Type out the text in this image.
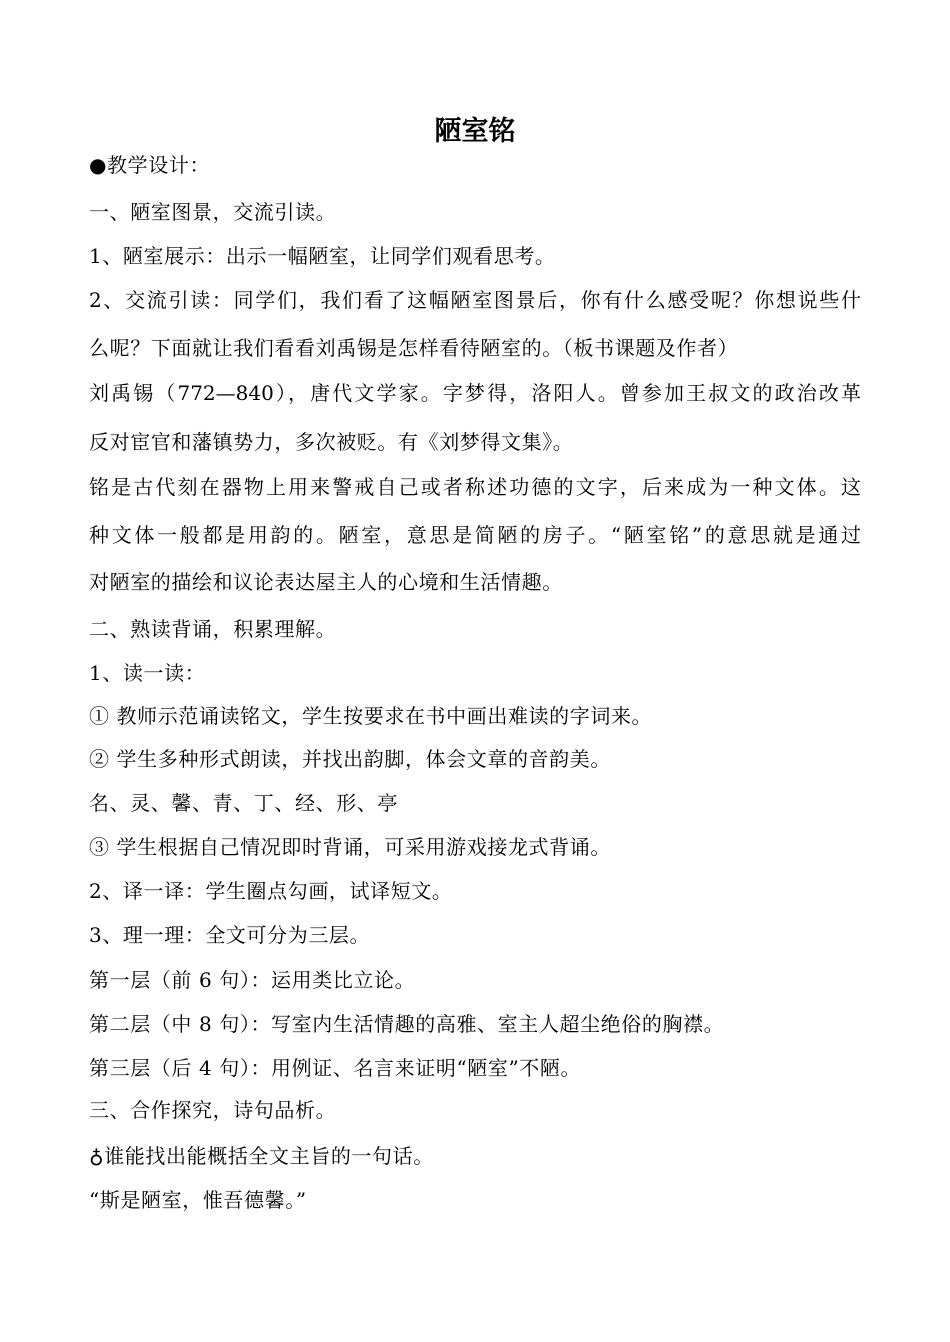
陋室铭
●教学设计：
一、陋室图景，交流引读。
1、陋室展示：出示一幅陋室，让同学们观看思考。
2、交流引读：同学们，我们看了这幅陋室图景后，你有什么感受呢？你想说些什
么呢？下面就让我们看看刘禹锡是怎样看待陋室的。（板书课题及作者）
刘禹锡（772—840），唐代文学家。字梦得，洛阳人。曾参加王叔文的政治改革
反对宦官和藩镇势力，多次被贬。有《刘梦得文集》。
铭是古代刻在器物上用来警戒自己或者称述功德的文字，后来成为一种文体。这
种文体一般都是用韵的。陋室，意思是简陋的房子。“陋室铭”的意思就是通过
对陋室的描绘和议论表达屋主人的心境和生活情趣。
二、熟读背诵，积累理解。
1、读一读：
① 教师示范诵读铭文，学生按要求在书中画出难读的字词来。
② 学生多种形式朗读，并找出韵脚，体会文章的音韵美。
名、灵、馨、青、丁、经、形、亭
③ 学生根据自己情况即时背诵，可采用游戏接龙式背诵。
2、译一译：学生圈点勾画，试译短文。
3、理一理：全文可分为三层。
第一层（前 6 句）：运用类比立论。
第二层（中 8 句）：写室内生活情趣的高雅、室主人超尘绝俗的胸襟。
第三层（后 4 句）：用例证、名言来证明“陋室”不陋。
三、合作探究，诗句品析。
♁谁能找出能概括全文主旨的一句话。
“斯是陋室，惟吾德馨。”
